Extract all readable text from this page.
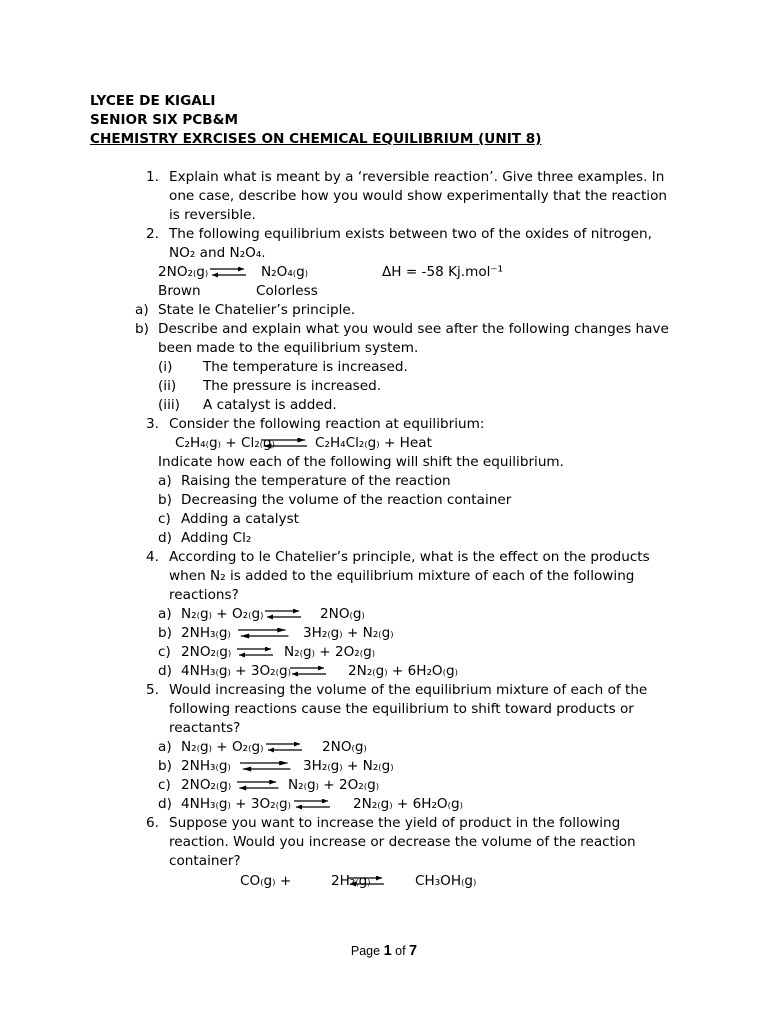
LYCEE DE KIGALI
SENIOR SIX PCB&M
CHEMISTRY EXRCISES ON CHEMICAL EQUILIBRIUM (UNIT 8)
1. Explain what is meant by a ‘reversible reaction’. Give three examples. In
one case, describe how you would show experimentally that the reaction
is reversible.
2. The following equilibrium exists between two of the oxides of nitrogen,
NO₂ and N₂O₄.
2NO₂₍g₎	N₂O₄₍g₎	ΔH = -58 Kj.mol⁻¹
Brown	Colorless
a) State le Chatelier’s principle.
b) Describe and explain what you would see after the following changes have
been made to the equilibrium system.
(i) The temperature is increased.
(ii) The pressure is increased.
(iii) A catalyst is added.
3. Consider the following reaction at equilibrium:
C₂H₄₍g₎ + Cl₂₍g₎	C₂H₄Cl₂₍g₎ + Heat
Indicate how each of the following will shift the equilibrium.
a) Raising the temperature of the reaction
b) Decreasing the volume of the reaction container
c) Adding a catalyst
d) Adding Cl₂
4. According to le Chatelier’s principle, what is the effect on the products
when N₂ is added to the equilibrium mixture of each of the following
reactions?
a) N₂₍g₎ + O₂₍g₎	2NO₍g₎
b) 2NH₃₍g₎	3H₂₍g₎ + N₂₍g₎
c) 2NO₂₍g₎	N₂₍g₎ + 2O₂₍g₎
d) 4NH₃₍g₎ + 3O₂₍g₎	2N₂₍g₎ + 6H₂O₍g₎
5. Would increasing the volume of the equilibrium mixture of each of the
following reactions cause the equilibrium to shift toward products or
reactants?
a) N₂₍g₎ + O₂₍g₎	2NO₍g₎
b) 2NH₃₍g₎	3H₂₍g₎ + N₂₍g₎
c) 2NO₂₍g₎	N₂₍g₎ + 2O₂₍g₎
d) 4NH₃₍g₎ + 3O₂₍g₎	2N₂₍g₎ + 6H₂O₍g₎
6. Suppose you want to increase the yield of product in the following
reaction. Would you increase or decrease the volume of the reaction
container?
CO₍g₎ +	2H₂₍g₎	CH₃OH₍g₎
Page 1 of 7
